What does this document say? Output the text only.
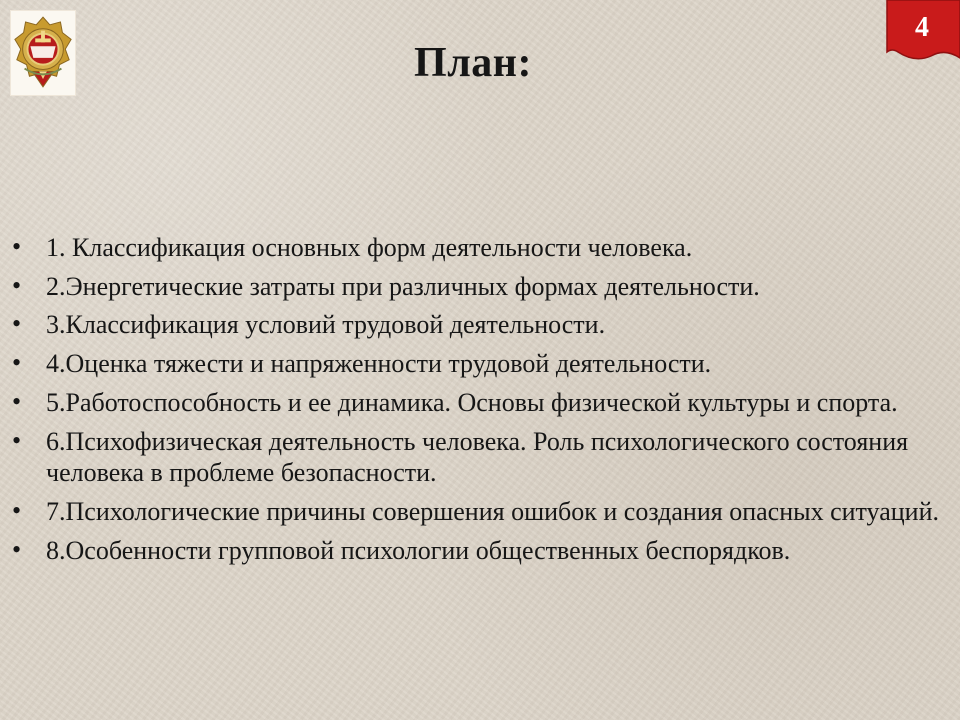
4
План:
• 1. Классификация основных форм деятельности человека.
• 2.Энергетические затраты при различных формах деятельности.
• 3.Классификация условий трудовой деятельности.
• 4.Оценка тяжести и напряженности трудовой деятельности.
• 5.Работоспособность и ее динамика. Основы физической культуры и спорта.
• 6.Психофизическая деятельность человека. Роль психологического состояния человека в проблеме безопасности.
• 7.Психологические причины совершения ошибок и создания опасных ситуаций.
• 8.Особенности групповой психологии общественных беспорядков.
